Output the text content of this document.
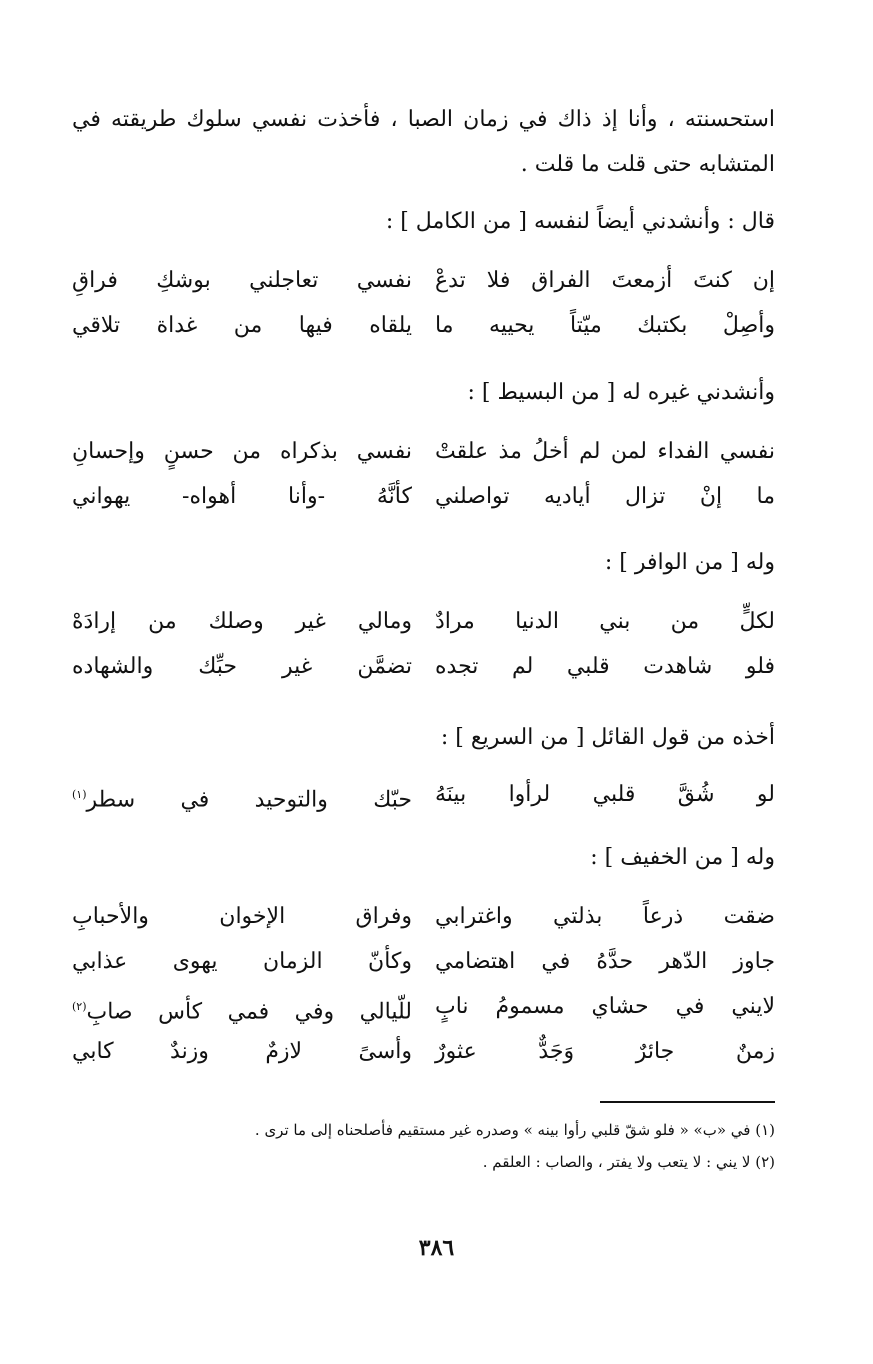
استحسنته ، وأنا إذ ذاك في زمان الصبا ، فأخذت نفسي سلوك طريقته في المتشابه حتى قلت ما قلت .
قال : وأنشدني أيضاً لنفسه [ من الكامل ] :
إن كنتَ أزمعتَ الفراق فلا تدعْ
نفسي تعاجلني بوشكِ فراقِ
وأصِلْ بكتبك ميّتاً يحييه ما
يلقاه فيها من غداة تلاقي
وأنشدني غيره له [ من البسيط ] :
نفسي الفداء لمن لم أخلُ مذ علقتْ
نفسي بذكراه من حسنٍ وإحسانِ
ما إنْ تزال أياديه تواصلني
كأنَّهُ -وأنا أهواه- يهواني
وله [ من الوافر ] :
لكلٍّ من بني الدنيا مرادٌ
ومالي غير وصلك من إرادَهْ
فلو شاهدت قلبي لم تجده
تضمَّن غير حبِّك والشهاده
أخذه من قول القائل [ من السريع ] :
لو شُقَّ قلبي لرأوا بينَهُ
حبّك والتوحيد في سطر$^{(١)}$
وله [ من الخفيف ] :
ضقت ذرعاً بذلتي واغترابي
وفراق الإخوان والأحبابِ
جاوز الدّهر حدَّهُ في اهتضامي
وكأنّ الزمان يهوى عذابي
لايني في حشاي مسمومُ نابٍ
للّيالي وفي فمي كأس صابِ$^{(٢)}$
زمنٌ جائرٌ وَجَدٌّ عثورٌ
وأسىً لازمٌ وزندٌ كابي
(١) في «ب» « فلو شقّ قلبي رأوا بينه » وصدره غير مستقيم فأصلحناه إلى ما ترى .
(٢) لا يني : لا يتعب ولا يفتر ، والصاب : العلقم .
٣٨٦
